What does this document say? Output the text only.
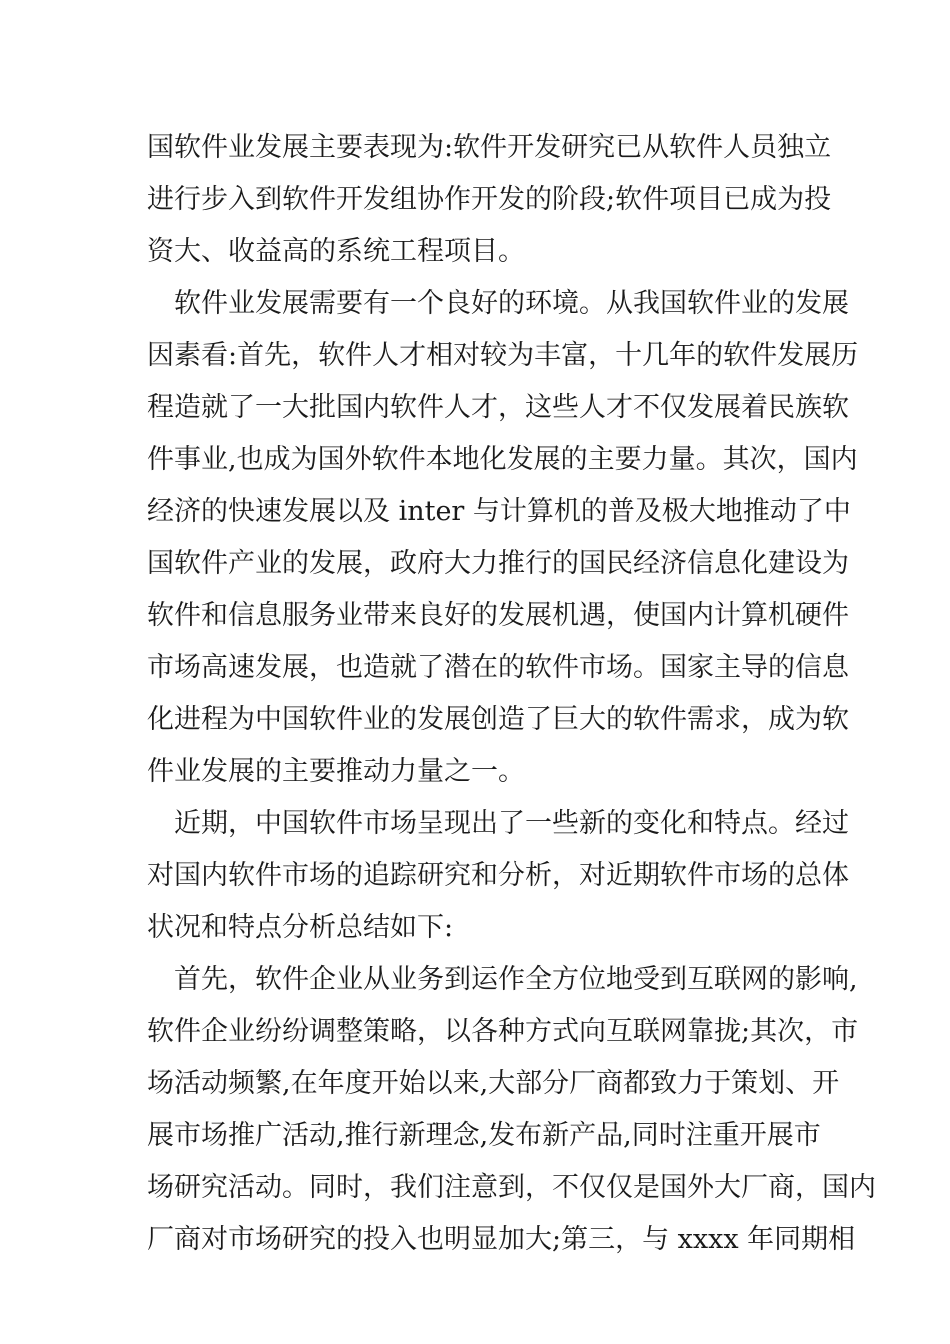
国软件业发展主要表现为:软件开发研究已从软件人员独立

进行步入到软件开发组协作开发的阶段;软件项目已成为投

资大、收益高的系统工程项目。

软件业发展需要有一个良好的环境。从我国软件业的发展

因素看:首先，软件人才相对较为丰富，十几年的软件发展历

程造就了一大批国内软件人才，这些人才不仅发展着民族软

件事业,也成为国外软件本地化发展的主要力量。其次，国内

经济的快速发展以及 inter 与计算机的普及极大地推动了中

国软件产业的发展，政府大力推行的国民经济信息化建设为

软件和信息服务业带来良好的发展机遇，使国内计算机硬件

市场高速发展，也造就了潜在的软件市场。国家主导的信息

化进程为中国软件业的发展创造了巨大的软件需求，成为软

件业发展的主要推动力量之一。

近期，中国软件市场呈现出了一些新的变化和特点。经过

对国内软件市场的追踪研究和分析，对近期软件市场的总体

状况和特点分析总结如下:

首先，软件企业从业务到运作全方位地受到互联网的影响,

软件企业纷纷调整策略，以各种方式向互联网靠拢;其次，市

场活动频繁,在年度开始以来,大部分厂商都致力于策划、开

展市场推广活动,推行新理念,发布新产品,同时注重开展市

场研究活动。同时，我们注意到，不仅仅是国外大厂商，国内

厂商对市场研究的投入也明显加大;第三，与 xxxx 年同期相
